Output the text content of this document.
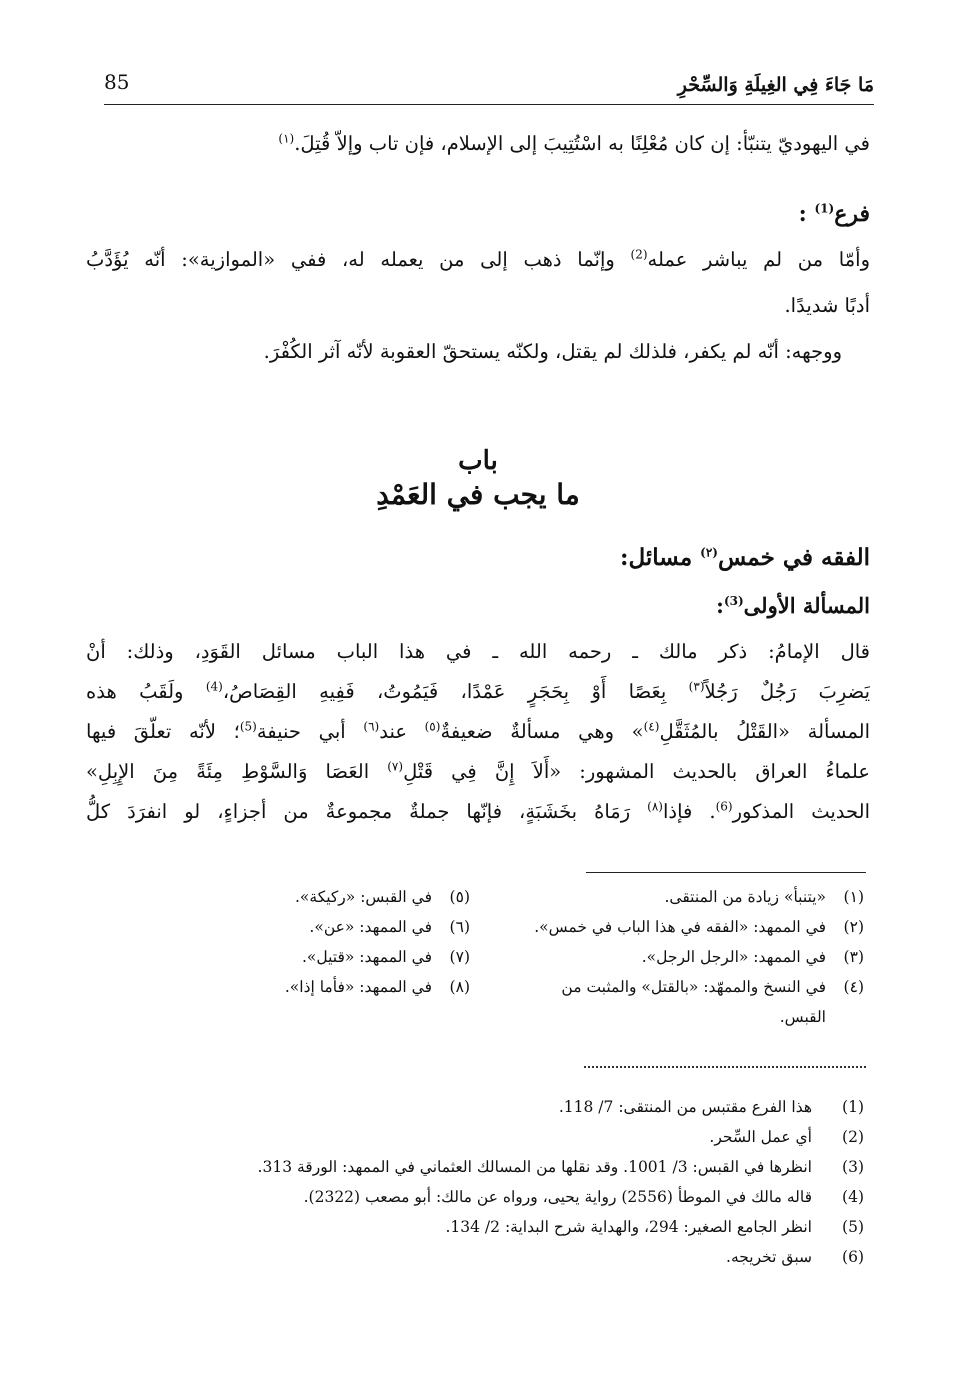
85	مَا جَاءَ فِي الغِيلَةِ وَالسِّحْرِ
في اليهوديّ يتنبّأ: إن كان مُعْلِنًا به اسْتُتِيبَ إلى الإسلام، فإن تاب وإلاّ قُتِلَ.$^{(١)}$
فرع$^{(1)}$ :
وأمّا من لم يباشر عمله$^{(2)}$ وإنّما ذهب إلى من يعمله له، ففي «الموازية»: أنّه يُؤَدَّبُ
أدبًا شديدًا.
ووجهه: أنّه لم يكفر، فلذلك لم يقتل، ولكنّه يستحقّ العقوبة لأنّه آثر الكُفْرَ.
باب
ما يجب في العَمْدِ
الفقه في خمس$^{(٢)}$ مسائل:
المسألة الأولى$^{(3)}$:
قال الإمامُ: ذكر مالك ـ رحمه الله ـ في هذا الباب مسائل القَوَدِ، وذلك: أنْ
يَضرِبَ رَجُلٌ رَجُلاً$^{(٣)}$ بِعَصًا أَوْ بِحَجَرٍ عَمْدًا، فَيَمُوتُ، فَفِيهِ القِصَاصُ،$^{(4)}$ ولَقَبُ هذه
المسألة «القَتْلُ بالمُثَقَّلِ$^{(٤)}$» وهي مسألةٌ ضعيفةٌ$^{(٥)}$ عند$^{(٦)}$ أبي حنيفة$^{(5)}$؛ لأنّه تعلّقَ فيها
علماءُ العراق بالحديث المشهور: «أَلاَ إِنَّ فِي قَتْلِ$^{(٧)}$ العَصَا وَالسَّوْطِ مِئَةً مِنَ الإِبِلِ»
الحديث المذكور$^{(6)}$. فإذا$^{(٨)}$ رَمَاهُ بخَشَبَةٍ، فإنّها جملةٌ مجموعةٌ من أجزاءٍ، لو انفرَدَ كلُّ
(١)«يتنبأ» زيادة من المنتقى.
(٢)في الممهد: «الفقه في هذا الباب في خمس».
(٣)في الممهد: «الرجل الرجل».
(٤)في النسخ والممهّد: «بالقتل» والمثبت من
القبس.
(٥)في القبس: «ركيكة».
(٦)في الممهد: «عن».
(٧)في الممهد: «قتيل».
(٨)في الممهد: «فأما إذا».
(1)هذا الفرع مقتبس من المنتقى: 7/ 118.
(2)أي عمل السِّحر.
(3)انظرها في القبس: 3/ 1001. وقد نقلها من المسالك العثماني في الممهد: الورقة 313.
(4)قاله مالك في الموطأ (2556) رواية يحيى، ورواه عن مالك: أبو مصعب (2322).
(5)انظر الجامع الصغير: 294، والهداية شرح البداية: 2/ 134.
(6)سبق تخريجه.
